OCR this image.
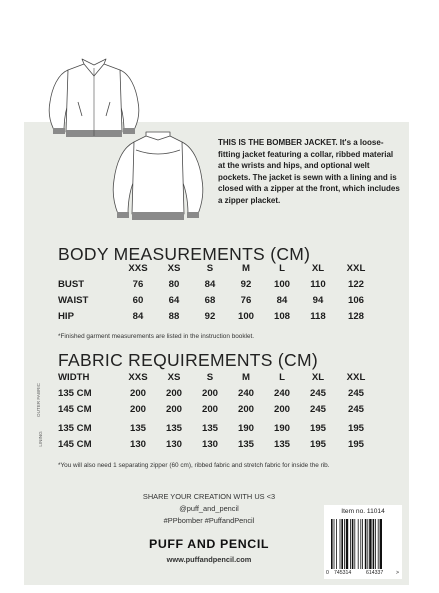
THIS IS THE BOMBER JACKET. It's a loose-fitting jacket featuring a collar, ribbed material at the wrists and hips, and optional welt pockets. The jacket is sewn with a lining and is closed with a zipper at the front, which includes a zipper placket.
BODY MEASUREMENTS (CM)
	XXS	XS	S	M	L	XL	XXL
BUST	76	80	84	92	100	110	122
WAIST	60	64	68	76	84	94	106
HIP	84	88	92	100	108	118	128
*Finished garment measurements are listed in the instruction booklet.
FABRIC REQUIREMENTS (CM)
WIDTH	XXS	XS	S	M	L	XL	XXL
135 CM	200	200	200	240	240	245	245
145 CM	200	200	200	200	200	245	245
135 CM	135	135	135	190	190	195	195
145 CM	130	130	130	135	135	195	195
OUTER FABRIC
LINING
*You will also need 1 separating zipper (60 cm), ribbed fabric and stretch fabric for inside the rib.
SHARE YOUR CREATION WITH US <3
@puff_and_pencil
#PPbomber #PuffandPencil
PUFF AND PENCIL
www.puffandpencil.com
Item no. 11014
0 745314	614337 >
